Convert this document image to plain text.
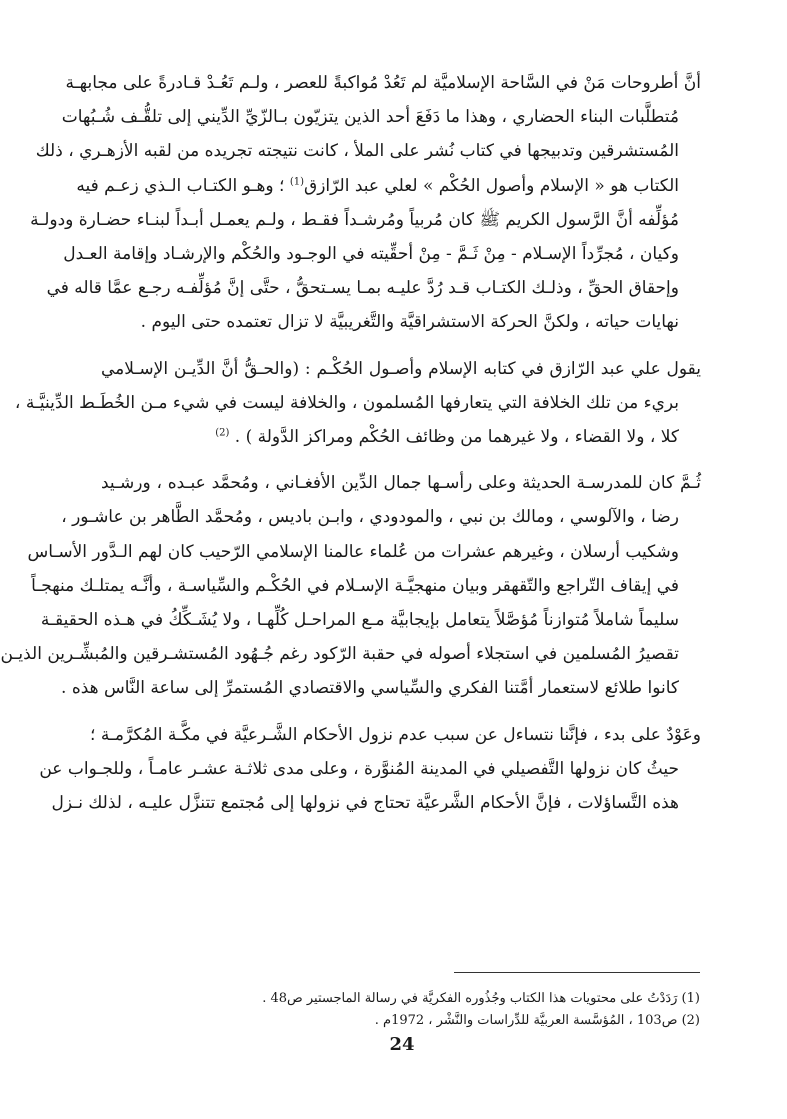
أنَّ أطروحات مَنْ في السَّاحة الإسلاميَّة لم تَعُدْ مُواكبةً للعصر ، ولـم تَعُـدْ قـادرةً على مجابهـة
مُتطلَّبات البناء الحضاري ، وهذا ما دَفَعَ أحد الذين يتزيّون بـالزّيِّ الدِّيني إلى تلقُّـف شُـبُهات
المُستشرقين وتدبيجها في كتاب نُشر على الملأ ، كانت نتيجته تجريده من لقبه الأزهـري ، ذلك
الكتاب هو « الإسلام وأصول الحُكْم » لعلي عبد الرّازق$^{(1)}$ ؛ وهـو الكتـاب الـذي زعـم فيه
مُؤلِّفه أنَّ الرَّسول الكريم ﷺ كان مُربياً ومُرشـداً فقـط ، ولـم يعمـل أبـداً لبنـاء حضـارة ودولـة
وكيان ، مُجرِّداً الإسـلام - مِنْ ثَـمَّ - مِنْ أحقِّيته في الوجـود والحُكْم والإرشـاد وإقامة العـدل
وإحقاق الحقِّ ، وذلـك الكتـاب قـد رُدَّ عليـه بمـا يسـتحقُّ ، حتَّى إنَّ مُؤلِّفـه رجـع عمَّا قاله في
نهايات حياته ، ولكنَّ الحركة الاستشراقيَّة والتَّغريبيَّة لا تزال تعتمده حتى اليوم .

يقول علي عبد الرّازق في كتابه الإسلام وأصـول الحُكْـم : (والحـقُّ أنَّ الدِّيـن الإسـلامي
بريء من تلك الخلافة التي يتعارفها المُسلمون ، والخلافة ليست في شيء مـن الخُطَـط الدِّينيَّـة ،
كلا ، ولا القضاء ، ولا غيرهما من وظائف الحُكْم ومراكز الدَّولة ) . $^{(2)}$

ثُـمَّ كان للمدرسـة الحديثة وعلى رأسـها جمال الدِّين الأفغـاني ، ومُحمَّد عبـده ، ورشـيد
رضا ، والآلوسي ، ومالك بن نبي ، والمودودي ، وابـن باديس ، ومُحمَّد الطَّاهر بن عاشـور ،
وشكيب أرسلان ، وغيرهم عشرات من عُلماء عالمنا الإسلامي الرّحيب كان لهم الـدَّور الأسـاس
في إيقاف التّراجع والتّقهقر وبيان منهجيَّـة الإسـلام في الحُكْـم والسِّياسـة ، وأنَّـه يمتلـك منهجـاً
سليماً شاملاً مُتوازناً مُؤصَّلاً يتعامل بإيجابيَّة مـع المراحـل كُلِّهـا ، ولا يُشَـكِّكُ في هـذه الحقيقـة
تقصيرُ المُسلمين في استجلاء أصوله في حقبة الرّكود رغم جُـهُود المُستشـرقين والمُبشِّـرين الذيـن
كانوا طلائع لاستعمار أمَّتنا الفكري والسِّياسي والاقتصادي المُستمرِّ إلى ساعة النَّاس هذه .

وعَوْدٌ على بدء ، فإنَّنا نتساءل عن سبب عدم نزول الأحكام الشَّـرعيَّة في مكَّـة المُكرَّمـة ؛
حيثُ كان نزولها التَّفصيلي في المدينة المُنوَّرة ، وعلى مدى ثلاثـة عشـر عامـاً ، وللجـواب عن
هذه التَّساؤلات ، فإنَّ الأحكام الشَّرعيَّة تحتاج في نزولها إلى مُجتمع تتنزَّل عليـه ، لذلك نـزل

(1) رَدَدْتُ على محتويات هذا الكتاب وجُذُوره الفكريَّة في رسالة الماجستير ص48 .
(2) ص103 ، المُؤسَّسة العربيَّة للدِّراسات والنَّشْر ، 1972م .
24
